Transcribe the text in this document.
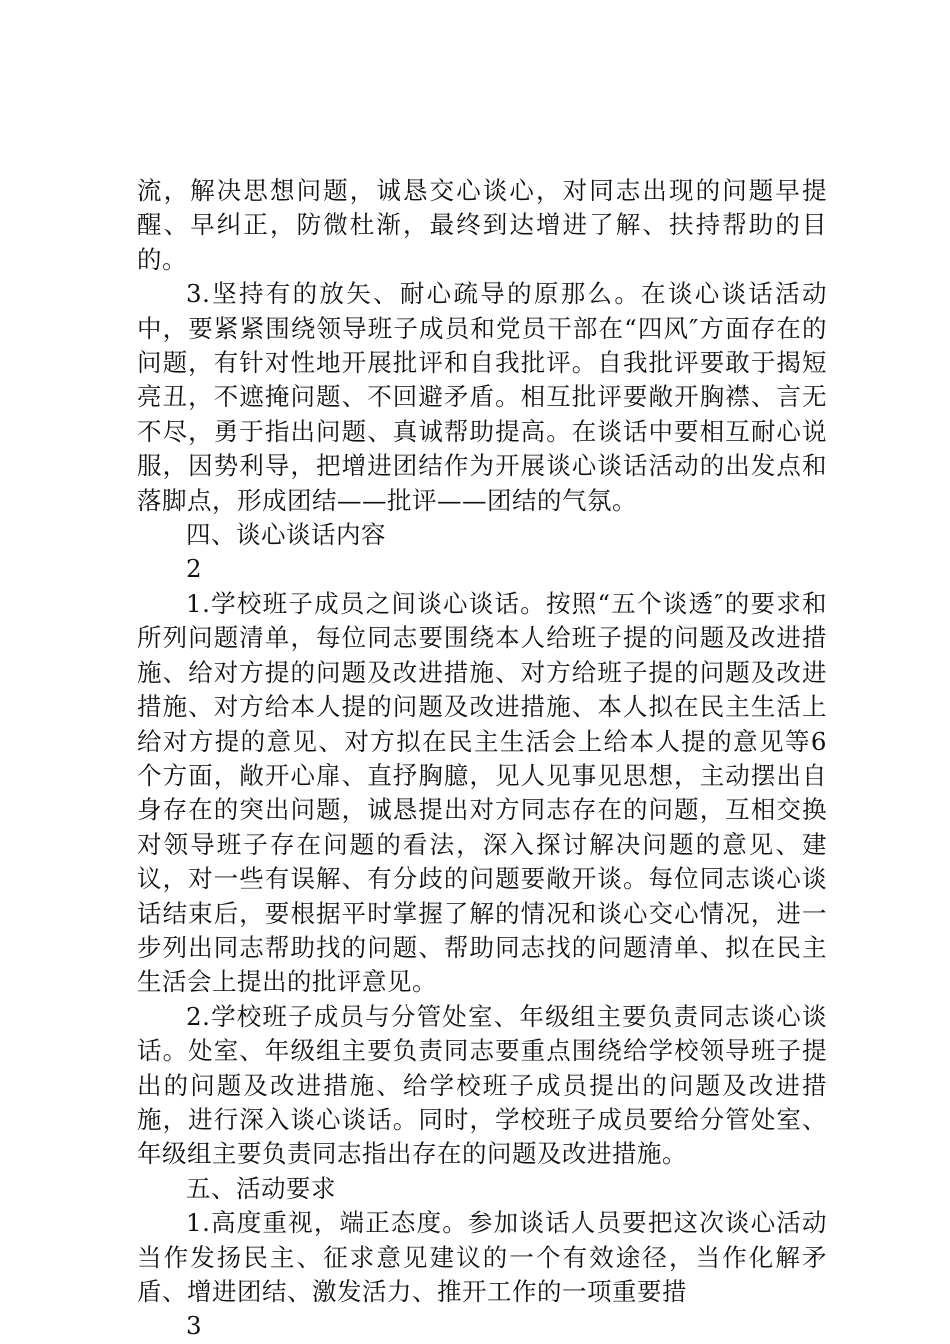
流，解决思想问题，诚恳交心谈心，对同志出现的问题早提醒、早纠正，防微杜渐，最终到达增进了解、扶持帮助的目的。

3.坚持有的放矢、耐心疏导的原那么。在谈心谈话活动中，要紧紧围绕领导班子成员和党员干部在“四风″方面存在的问题，有针对性地开展批评和自我批评。自我批评要敢于揭短亮丑，不遮掩问题、不回避矛盾。相互批评要敞开胸襟、言无不尽，勇于指出问题、真诚帮助提高。在谈话中要相互耐心说服，因势利导，把增进团结作为开展谈心谈话活动的出发点和落脚点，形成团结——批评——团结的气氛。

四、谈心谈话内容

2

1.学校班子成员之间谈心谈话。按照“五个谈透″的要求和所列问题清单，每位同志要围绕本人给班子提的问题及改进措施、给对方提的问题及改进措施、对方给班子提的问题及改进措施、对方给本人提的问题及改进措施、本人拟在民主生活上给对方提的意见、对方拟在民主生活会上给本人提的意见等6个方面，敞开心扉、直抒胸臆，见人见事见思想，主动摆出自身存在的突出问题，诚恳提出对方同志存在的问题，互相交换对领导班子存在问题的看法，深入探讨解决问题的意见、建议，对一些有误解、有分歧的问题要敞开谈。每位同志谈心谈话结束后，要根据平时掌握了解的情况和谈心交心情况，进一步列出同志帮助找的问题、帮助同志找的问题清单、拟在民主生活会上提出的批评意见。

2.学校班子成员与分管处室、年级组主要负责同志谈心谈话。处室、年级组主要负责同志要重点围绕给学校领导班子提出的问题及改进措施、给学校班子成员提出的问题及改进措施，进行深入谈心谈话。同时，学校班子成员要给分管处室、年级组主要负责同志指出存在的问题及改进措施。

五、活动要求

1.高度重视，端正态度。参加谈话人员要把这次谈心活动当作发扬民主、征求意见建议的一个有效途径，当作化解矛盾、增进团结、激发活力、推开工作的一项重要措

3
